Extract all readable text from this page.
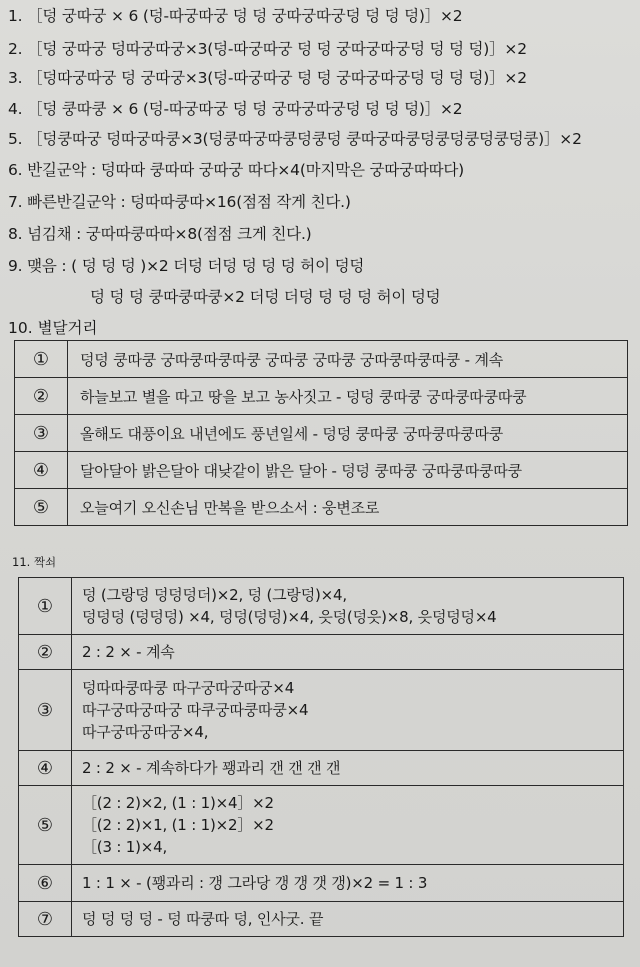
1. ［덩 궁따궁 × 6 (덩-따궁따궁 덩 덩 궁따궁따궁덩 덩 덩 덩)］×2
2. ［덩 궁따궁 덩따궁따궁×3(덩-따궁따궁 덩 덩 궁따궁따궁덩 덩 덩 덩)］×2
3. ［덩따궁따궁 덩 궁따궁×3(덩-따궁따궁 덩 덩 궁따궁따궁덩 덩 덩 덩)］×2
4. ［덩 쿵따쿵 × 6 (덩-따궁따궁 덩 덩 궁따궁따궁덩 덩 덩 덩)］×2
5. ［덩쿵따궁 덩따궁따쿵×3(덩쿵따궁따쿵덩쿵덩 쿵따궁따쿵덩쿵덩쿵덩쿵덩쿵)］×2
6. 반길군악 : 덩따따 쿵따따 궁따궁 따다×4(마지막은 궁따궁따따다)
7. 빠른반길군악 : 덩따따쿵따×16(점점 작게 친다.)
8. 넘김채 : 궁따따쿵따따×8(점점 크게 친다.)
9. 맺음 : ( 덩 덩 덩 )×2 더덩 더덩 덩 덩 덩 허이 덩덩
덩 덩 덩 쿵따쿵따쿵×2 더덩 더덩 덩 덩 덩 허이 덩덩
10. 별달거리
①	덩덩 쿵따쿵 궁따쿵따쿵따쿵 궁따쿵 궁따쿵 궁따쿵따쿵따쿵 - 계속
②	하늘보고 별을 따고 땅을 보고 농사짓고 - 덩덩 쿵따쿵 궁따쿵따쿵따쿵
③	올해도 대풍이요 내년에도 풍년일세 - 덩덩 쿵따쿵 궁따쿵따쿵따쿵
④	달아달아 밝은달아 대낮같이 밝은 달아 - 덩덩 쿵따쿵 궁따쿵따쿵따쿵
⑤	오늘여기 오신손님 만복을 받으소서 : 웅변조로
11. 짝쇠
①	덩 (그랑덩 덩덩덩더)×2, 덩 (그랑덩)×4,
덩덩덩 (덩덩덩) ×4, 덩덩(덩덩)×4, 읏덩(덩읏)×8, 읏덩덩덩×4

②	2 : 2 × - 계속

③	덩따따쿵따쿵 따구궁따궁따궁×4
따구궁따궁따궁 따쿠궁따쿵따쿵×4
따구궁따궁따궁×4,

④	2 : 2 × - 계속하다가 꽹과리 갠 갠 갠 갠

⑤	［(2 : 2)×2, (1 : 1)×4］×2
［(2 : 2)×1, (1 : 1)×2］×2
［(3 : 1)×4,

⑥	1 : 1 × - (꽹과리 : 갱 그라당 갱 갱 갯 갱)×2 = 1 : 3

⑦	덩 덩 덩 덩 - 덩 따쿵따 덩, 인사굿. 끝
